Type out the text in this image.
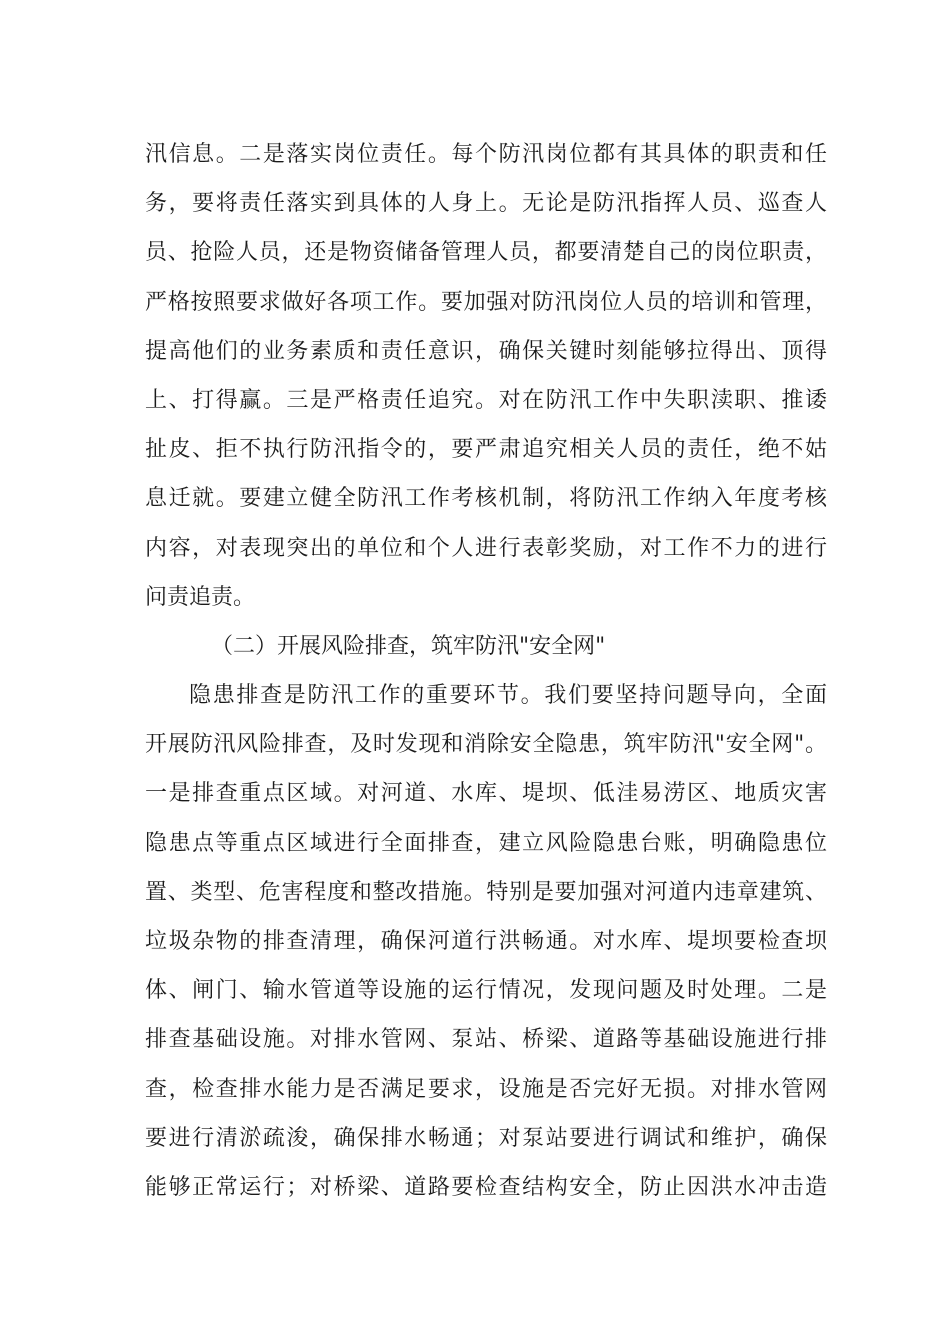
汛信息。二是落实岗位责任。每个防汛岗位都有其具体的职责和任
务，要将责任落实到具体的人身上。无论是防汛指挥人员、巡查人
员、抢险人员，还是物资储备管理人员，都要清楚自己的岗位职责，
严格按照要求做好各项工作。要加强对防汛岗位人员的培训和管理，
提高他们的业务素质和责任意识，确保关键时刻能够拉得出、顶得
上、打得赢。三是严格责任追究。对在防汛工作中失职渎职、推诿
扯皮、拒不执行防汛指令的，要严肃追究相关人员的责任，绝不姑
息迁就。要建立健全防汛工作考核机制，将防汛工作纳入年度考核
内容，对表现突出的单位和个人进行表彰奖励，对工作不力的进行
问责追责。
（二）开展风险排查，筑牢防汛"安全网"
隐患排查是防汛工作的重要环节。我们要坚持问题导向，全面
开展防汛风险排查，及时发现和消除安全隐患，筑牢防汛"安全网"。
一是排查重点区域。对河道、水库、堤坝、低洼易涝区、地质灾害
隐患点等重点区域进行全面排查，建立风险隐患台账，明确隐患位
置、类型、危害程度和整改措施。特别是要加强对河道内违章建筑、
垃圾杂物的排查清理，确保河道行洪畅通。对水库、堤坝要检查坝
体、闸门、输水管道等设施的运行情况，发现问题及时处理。二是
排查基础设施。对排水管网、泵站、桥梁、道路等基础设施进行排
查，检查排水能力是否满足要求，设施是否完好无损。对排水管网
要进行清淤疏浚，确保排水畅通；对泵站要进行调试和维护，确保
能够正常运行；对桥梁、道路要检查结构安全，防止因洪水冲击造
